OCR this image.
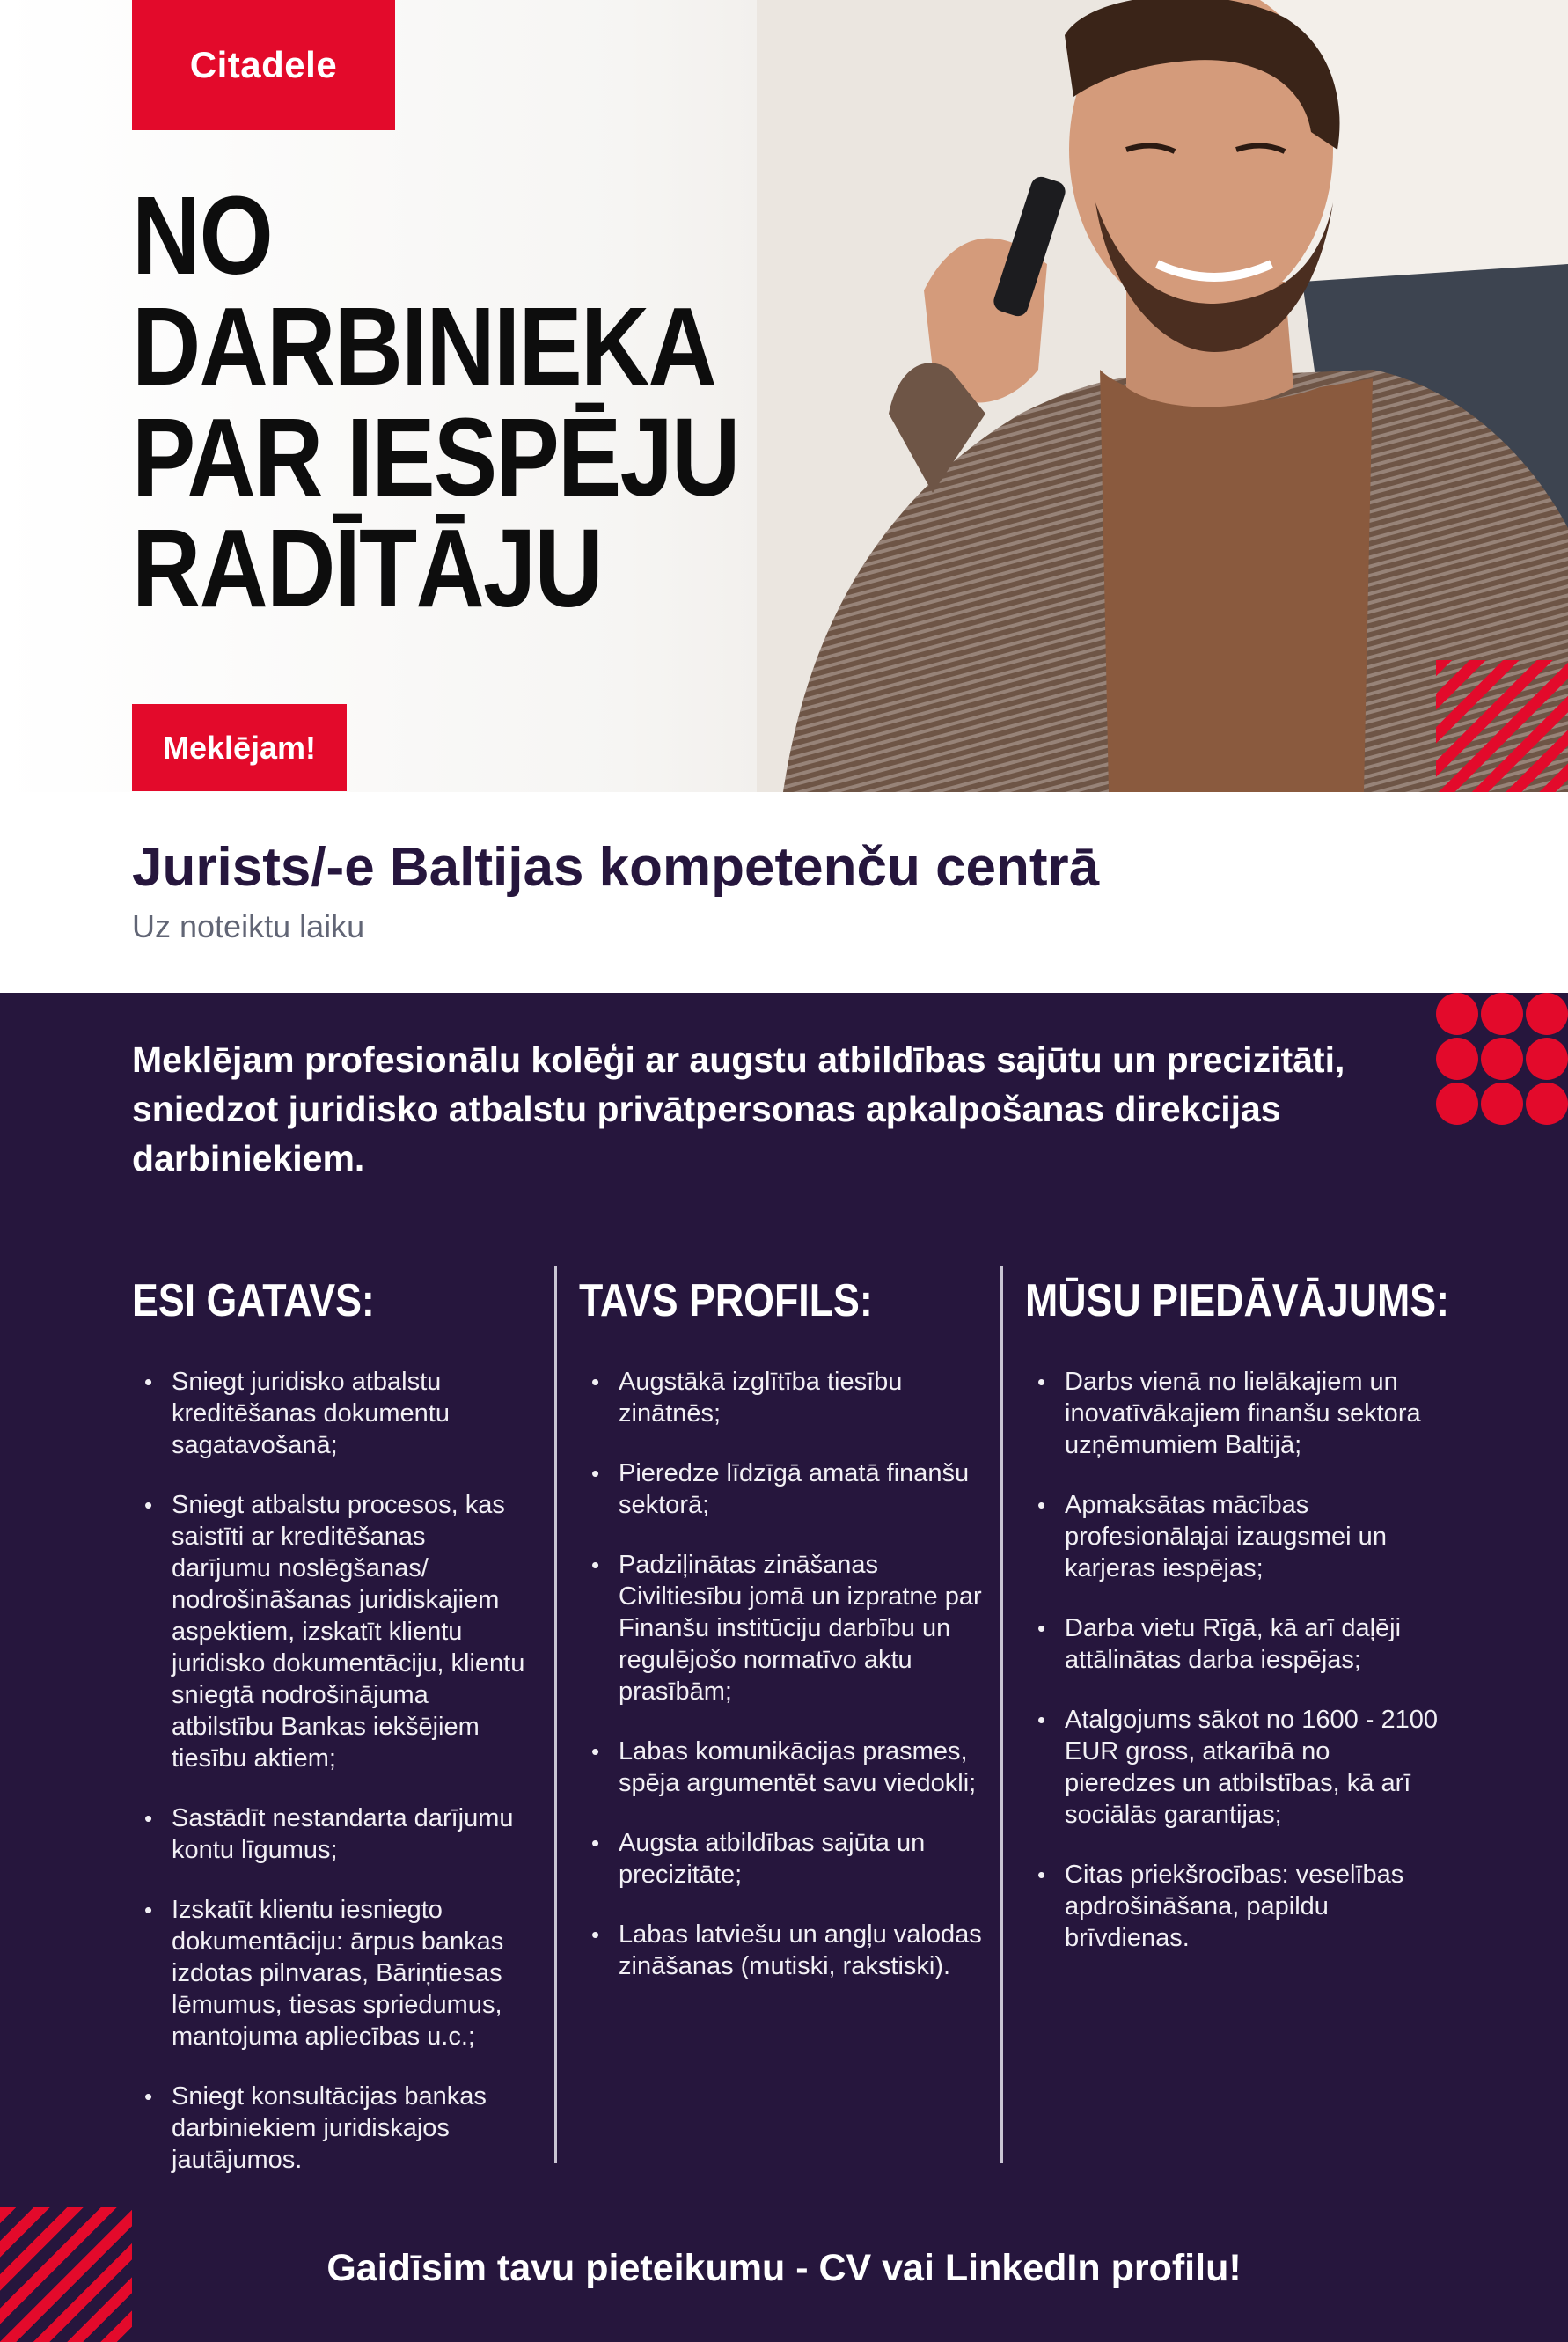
Citadele
NO
DARBINIEKA
PAR IESPĒJU
RADĪTĀJU
Meklējam!
Jurists/-e Baltijas kompetenču centrā
Uz noteiktu laiku

Meklējam profesionālu kolēģi ar augstu atbildības sajūtu un precizitāti, sniedzot juridisko atbalstu privātpersonas apkalpošanas direkcijas darbiniekiem.

ESI GATAVS:
• Sniegt juridisko atbalstu kreditēšanas dokumentu sagatavošanā;
• Sniegt atbalstu procesos, kas saistīti ar kreditēšanas darījumu noslēgšanas/ nodrošināšanas juridiskajiem aspektiem, izskatīt klientu juridisko dokumentāciju, klientu sniegtā nodrošinājuma atbilstību Bankas iekšējiem tiesību aktiem;
• Sastādīt nestandarta darījumu kontu līgumus;
• Izskatīt klientu iesniegto dokumentāciju: ārpus bankas izdotas pilnvaras, Bāriņtiesas lēmumus, tiesas spriedumus, mantojuma apliecības u.c.;
• Sniegt konsultācijas bankas darbiniekiem juridiskajos jautājumos.
TAVS PROFILS:
• Augstākā izglītība tiesību zinātnēs;
• Pieredze līdzīgā amatā finanšu sektorā;
• Padziļinātas zināšanas Civiltiesību jomā un izpratne par Finanšu institūciju darbību un regulējošo normatīvo aktu prasībām;
• Labas komunikācijas prasmes, spēja argumentēt savu viedokli;
• Augsta atbildības sajūta un precizitāte;
• Labas latviešu un angļu valodas zināšanas (mutiski, rakstiski).
MŪSU PIEDĀVĀJUMS:
• Darbs vienā no lielākajiem un inovatīvākajiem finanšu sektora uzņēmumiem Baltijā;
• Apmaksātas mācības profesionālajai izaugsmei un karjeras iespējas;
• Darba vietu Rīgā, kā arī daļēji attālinātas darba iespējas;
• Atalgojums sākot no 1600 - 2100 EUR gross, atkarībā no pieredzes un atbilstības, kā arī sociālās garantijas;
• Citas priekšrocības: veselības apdrošināšana, papildu brīvdienas.
Gaidīsim tavu pieteikumu - CV vai LinkedIn profilu!
